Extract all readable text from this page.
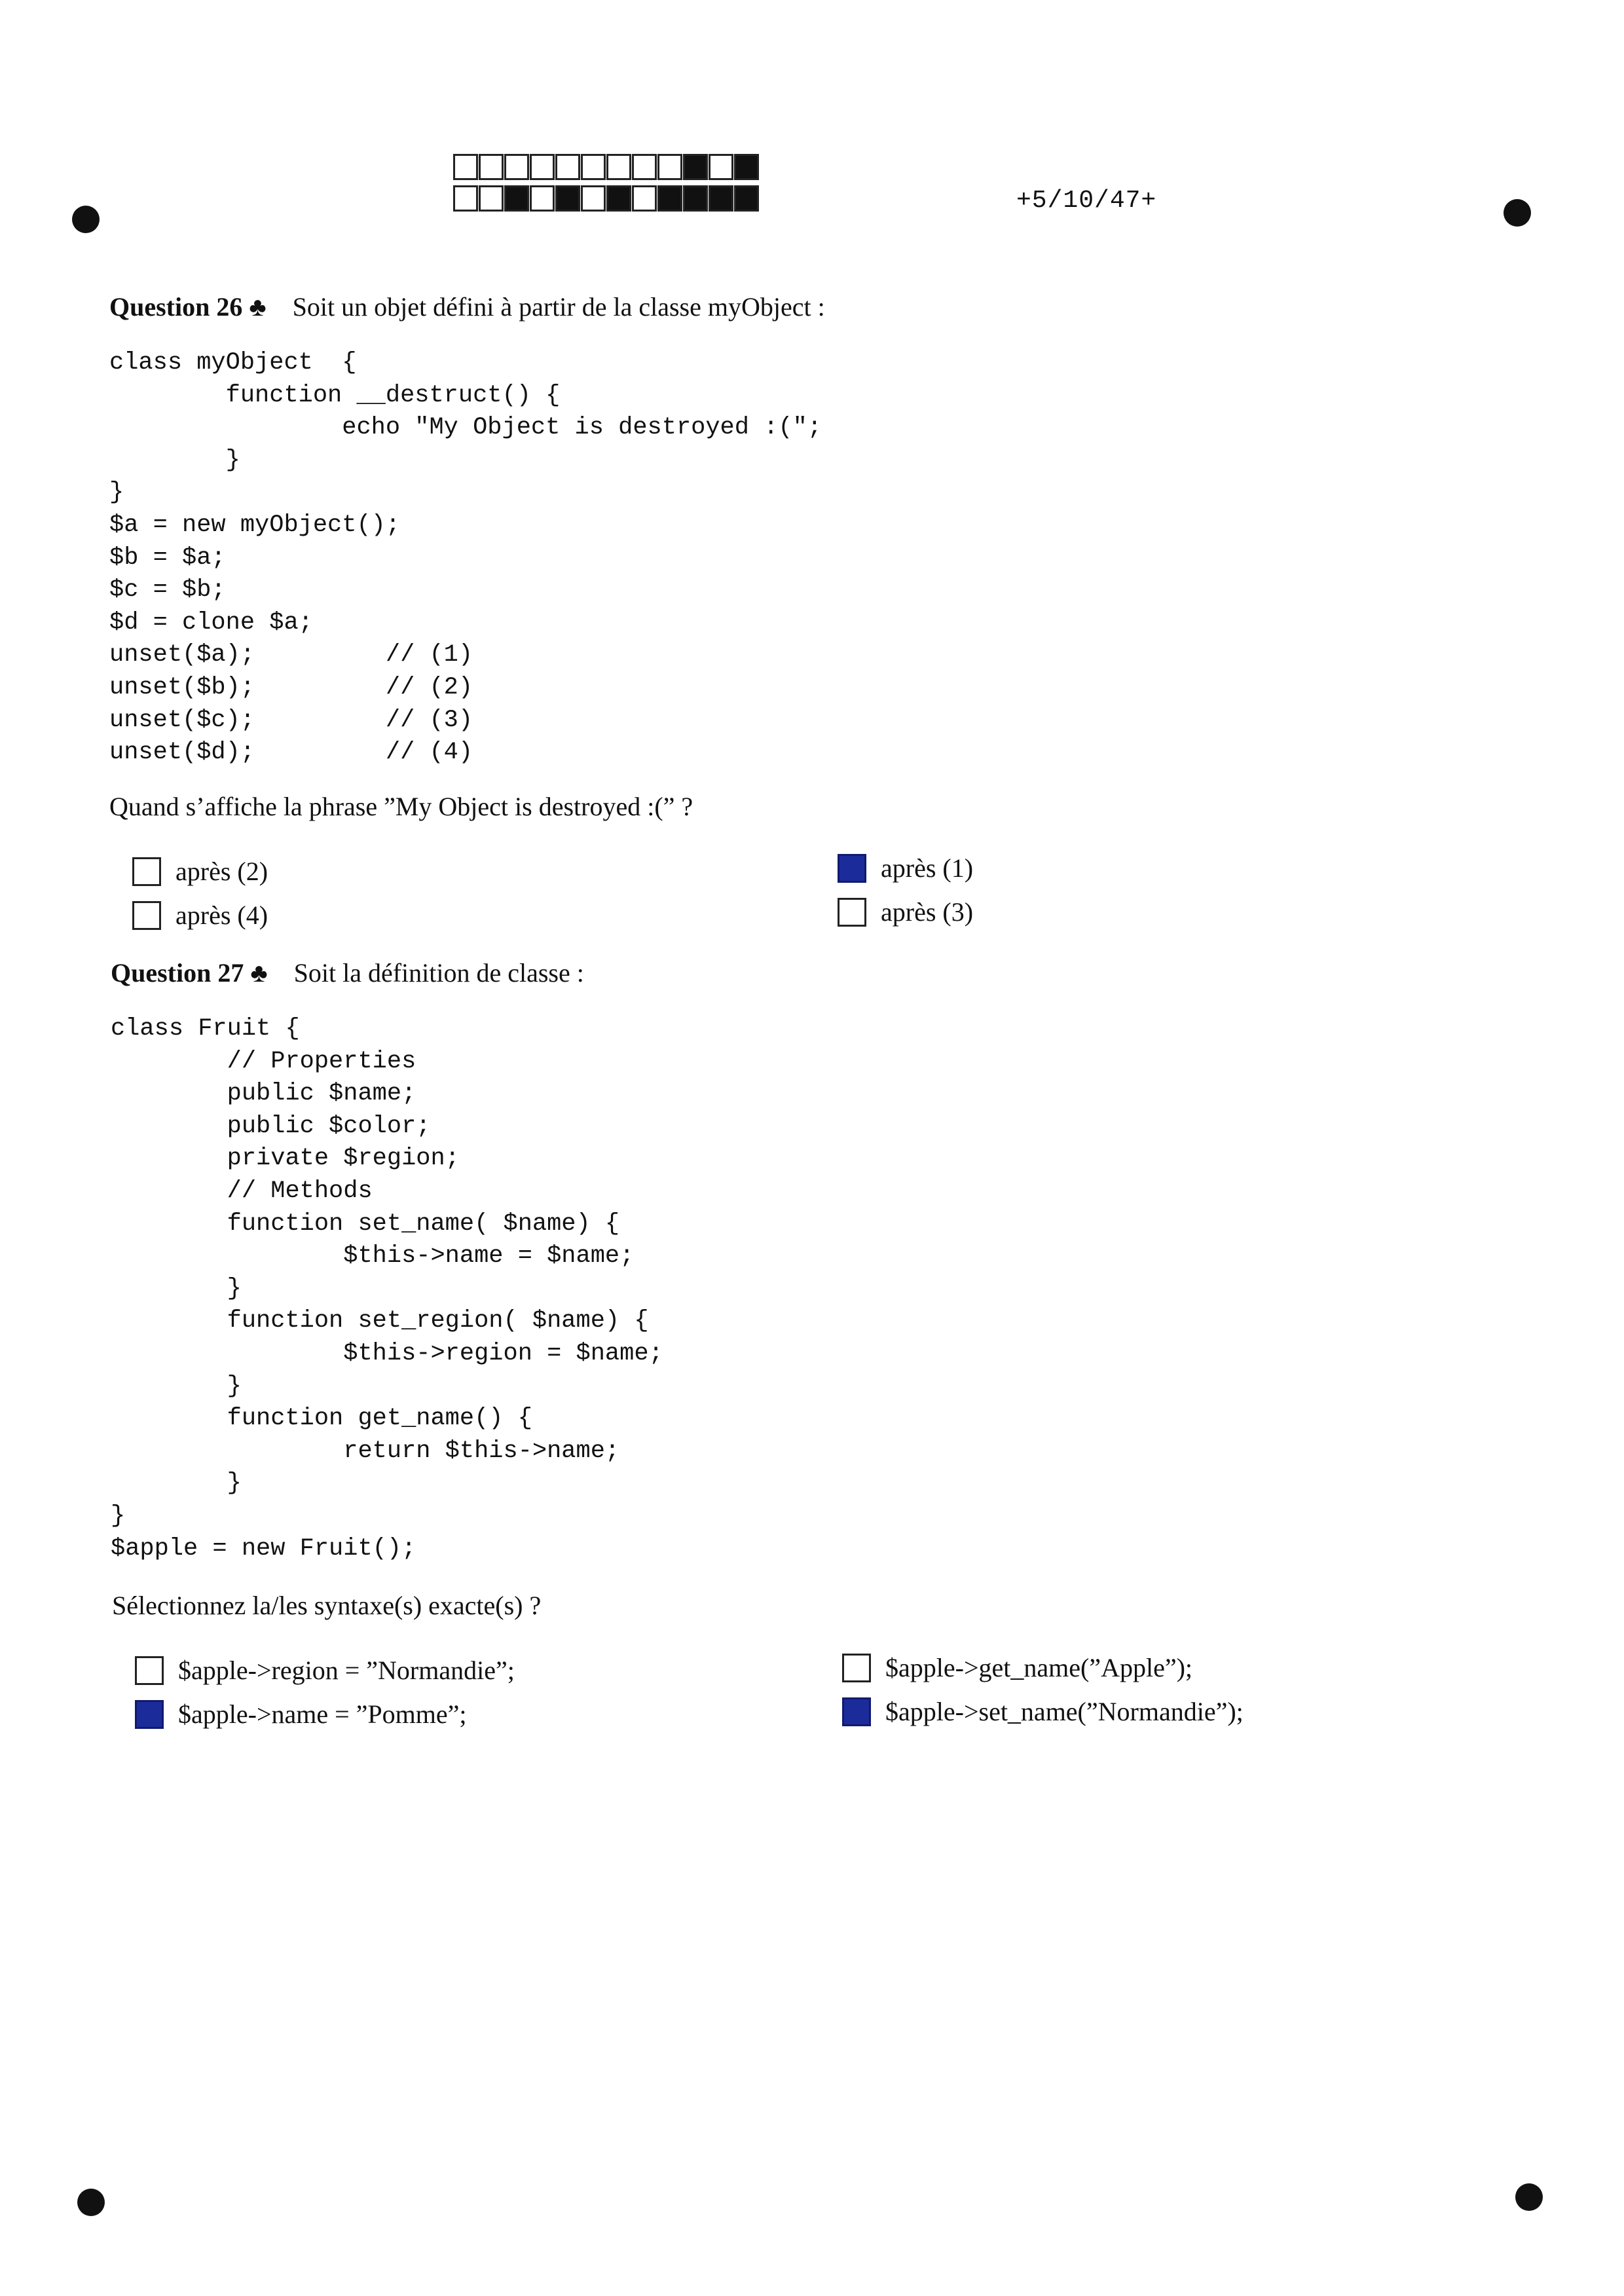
+5/10/47+
Question 26 ♣ Soit un objet défini à partir de la classe myObject :
class myObject  {
function __destruct() {
echo "My Object is destroyed :(";
}
}
$a = new myObject();
$b = $a;
$c = $b;
$d = clone $a;
unset($a);         // (1)
unset($b);         // (2)
unset($c);         // (3)
unset($d);         // (4)

Quand s’affiche la phrase ”My Object is destroyed :(” ?
après (2)
après (4)
après (1)
après (3)
Question 27 ♣ Soit la définition de classe :
class Fruit {
// Properties
public $name;
public $color;
private $region;
// Methods
function set_name( $name) {
$this->name = $name;
}
function set_region( $name) {
$this->region = $name;
}
function get_name() {
return $this->name;
}
}
$apple = new Fruit();

Sélectionnez la/les syntaxe(s) exacte(s) ?
$apple->region = ”Normandie”;
$apple->name = ”Pomme”;
$apple->get_name(”Apple”);
$apple->set_name(”Normandie”);
